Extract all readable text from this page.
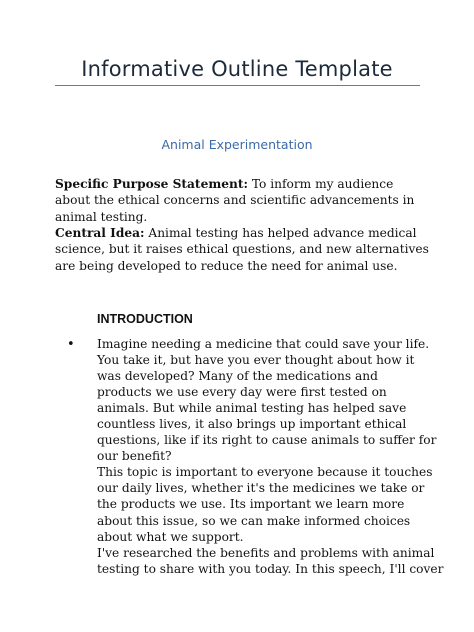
Informative Outline Template
Animal Experimentation
Specific Purpose Statement: To inform my audience
about the ethical concerns and scientific advancements in
animal testing.
Central Idea: Animal testing has helped advance medical
science, but it raises ethical questions, and new alternatives
are being developed to reduce the need for animal use.
INTRODUCTION
• Imagine needing a medicine that could save your life.
You take it, but have you ever thought about how it
was developed? Many of the medications and
products we use every day were first tested on
animals. But while animal testing has helped save
countless lives, it also brings up important ethical
questions, like if its right to cause animals to suffer for
our benefit?
This topic is important to everyone because it touches
our daily lives, whether it's the medicines we take or
the products we use. Its important we learn more
about this issue, so we can make informed choices
about what we support.
I've researched the benefits and problems with animal
testing to share with you today. In this speech, I'll cover
